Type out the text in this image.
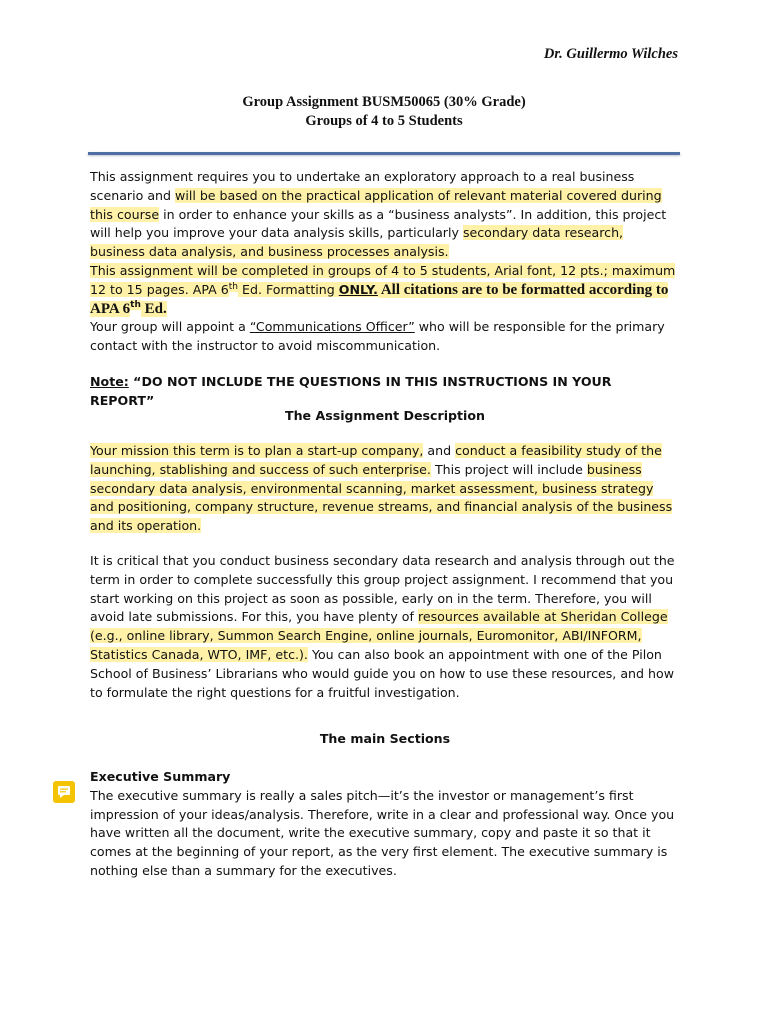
Dr. Guillermo Wilches
Group Assignment BUSM50065 (30% Grade)
Groups of 4 to 5 Students
This assignment requires you to undertake an exploratory approach to a real business scenario and will be based on the practical application of relevant material covered during this course in order to enhance your skills as a “business analysts”. In addition, this project will help you improve your data analysis skills, particularly secondary data research, business data analysis, and business processes analysis.
This assignment will be completed in groups of 4 to 5 students, Arial font, 12 pts.; maximum 12 to 15 pages. APA 6th Ed. Formatting ONLY. All citations are to be formatted according to APA 6th Ed.
Your group will appoint a “Communications Officer” who will be responsible for the primary contact with the instructor to avoid miscommunication.
Note: “DO NOT INCLUDE THE QUESTIONS IN THIS INSTRUCTIONS IN YOUR REPORT”
The Assignment Description
Your mission this term is to plan a start-up company, and conduct a feasibility study of the launching, stablishing and success of such enterprise. This project will include business secondary data analysis, environmental scanning, market assessment, business strategy and positioning, company structure, revenue streams, and financial analysis of the business and its operation.
It is critical that you conduct business secondary data research and analysis through out the term in order to complete successfully this group project assignment. I recommend that you start working on this project as soon as possible, early on in the term. Therefore, you will avoid late submissions. For this, you have plenty of resources available at Sheridan College (e.g., online library, Summon Search Engine, online journals, Euromonitor, ABI/INFORM, Statistics Canada, WTO, IMF, etc.). You can also book an appointment with one of the Pilon School of Business’ Librarians who would guide you on how to use these resources, and how to formulate the right questions for a fruitful investigation.
The main Sections
Executive Summary
The executive summary is really a sales pitch—it’s the investor or management’s first impression of your ideas/analysis. Therefore, write in a clear and professional way. Once you have written all the document, write the executive summary, copy and paste it so that it comes at the beginning of your report, as the very first element. The executive summary is nothing else than a summary for the executives.
